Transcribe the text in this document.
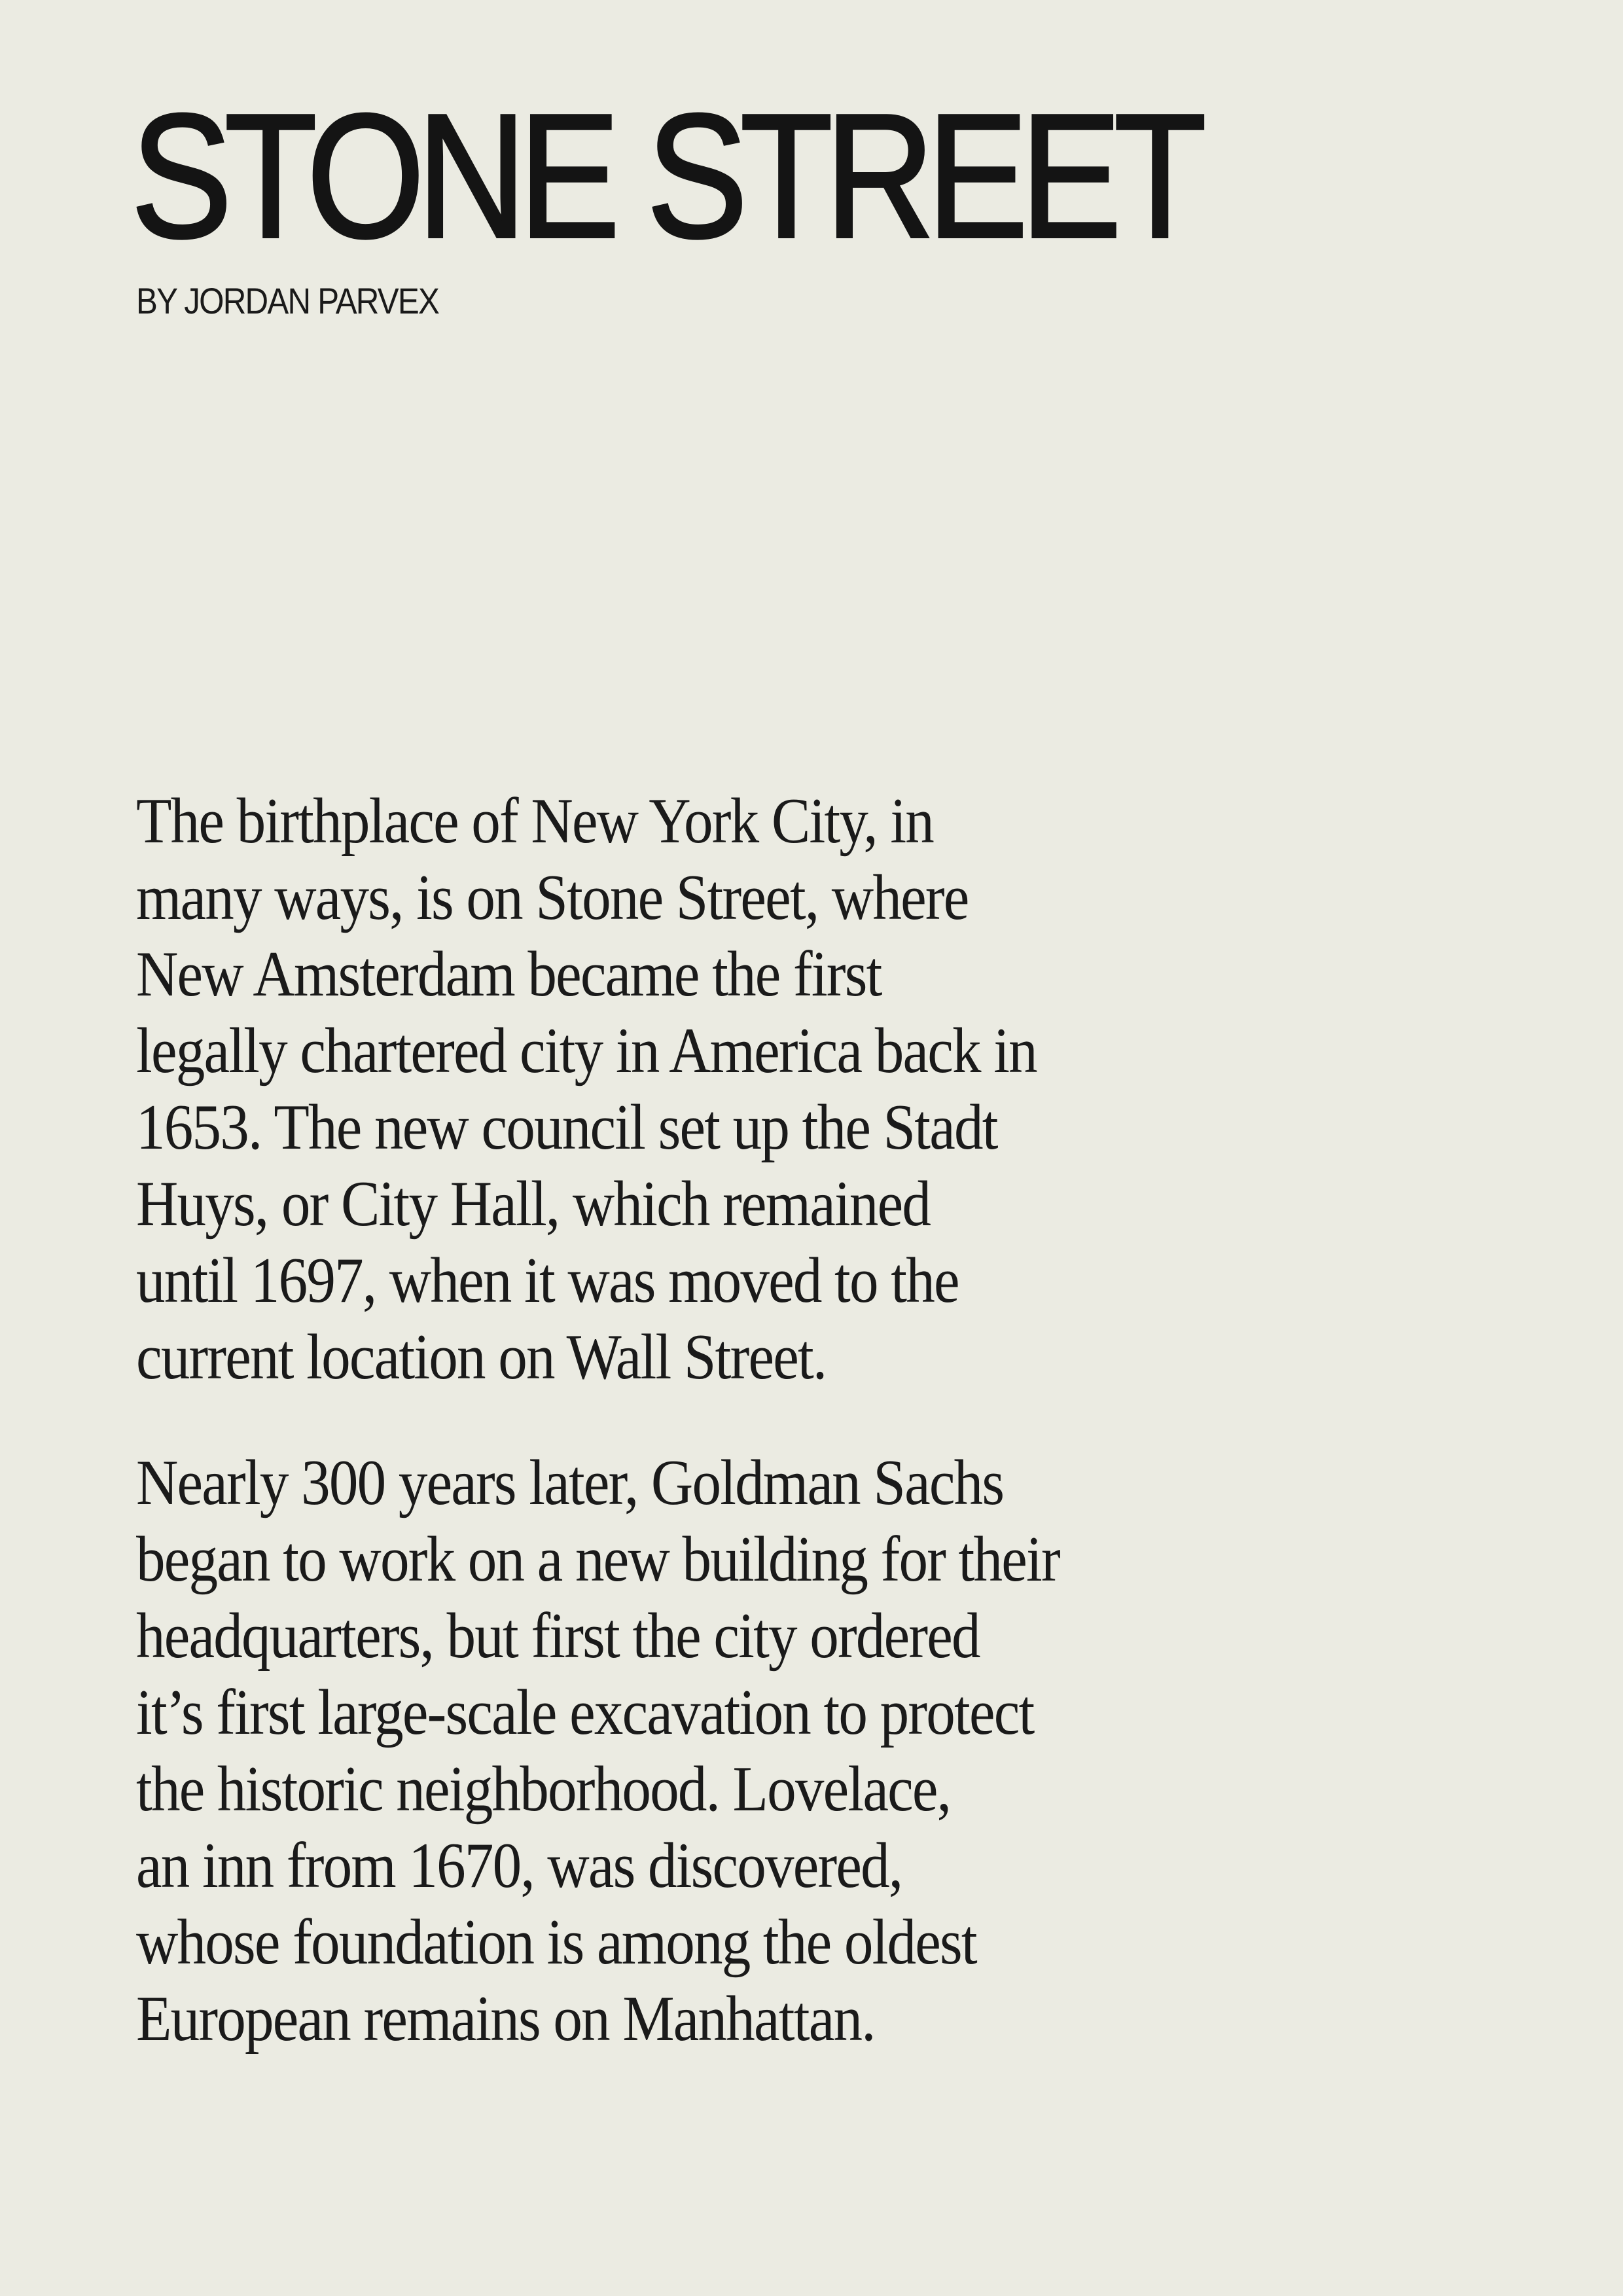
STONE STREET

BY JORDAN PARVEX

The birthplace of New York City, in
many ways, is on Stone Street, where
New Amsterdam became the first
legally chartered city in America back in
1653. The new council set up the Stadt
Huys, or City Hall, which remained
until 1697, when it was moved to the
current location on Wall Street.

Nearly 300 years later, Goldman Sachs
began to work on a new building for their
headquarters, but first the city ordered
it’s first large-scale excavation to protect
the historic neighborhood. Lovelace,
an inn from 1670, was discovered,
whose foundation is among the oldest
European remains on Manhattan.
